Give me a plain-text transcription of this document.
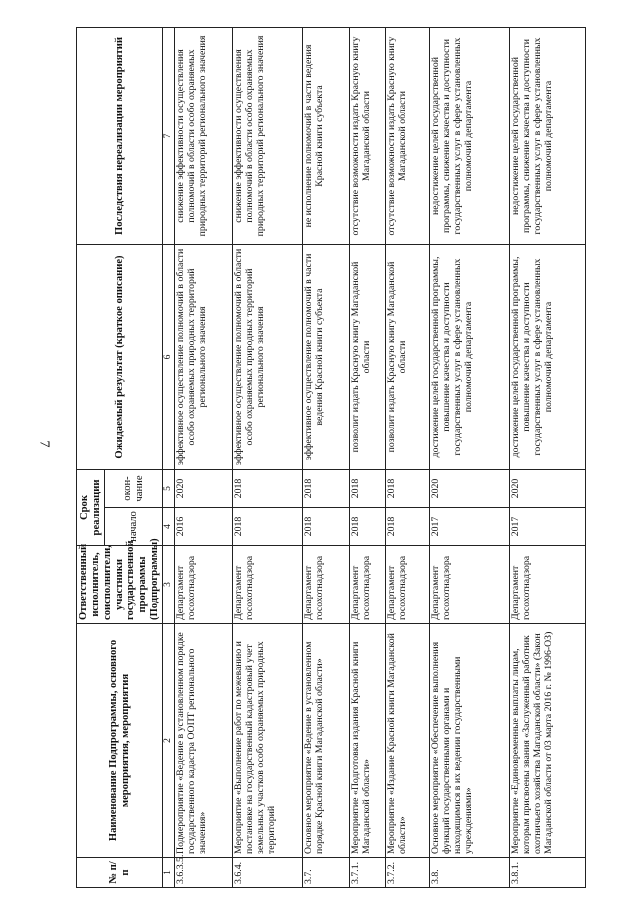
7
№ п/п	Наименование Подпрограммы, основного мероприятия, мероприятия	Ответственный исполнитель, соисполнители, участники государственной программы (Подпрограммы)	Срок реализации		Ожидаемый результат (краткое описание)	Последствия нереализации мероприятий
			начало	окон-чание		
1	2	3	4	5	6	7
3.6.3.5.	Подмероприятие «Ведение в установленном порядке государственного кадастра ООПТ регионального значения»	Департамент госохотнадзора	2016	2020	эффективное осуществление полномочий в области особо охраняемых природных территорий регионального значения	снижение эффективности осуществления полномочий в области особо охраняемых природных территорий регионального значения
3.6.4.	Мероприятие «Выполнение работ по межеванию и постановке на государственный кадастровый учет земельных участков особо охраняемых природных территорий	Департамент госохотнадзора	2018	2018	эффективное осуществление полномочий в области особо охраняемых природных территорий регионального значения	снижение эффективности осуществления полномочий в области особо охраняемых природных территорий регионального значения
3.7.	Основное мероприятие «Ведение в установленном порядке Красной книги Магаданской области»	Департамент госохотнадзора	2018	2018	эффективное осуществление полномочий в части ведения Красной книги субъекта	не исполнение полномочий в части ведения Красной книги субъекта
3.7.1.	Мероприятие «Подготовка издания Красной книги Магаданской области»	Департамент госохотнадзора	2018	2018	позволит издать Красную книгу Магаданской области	отсутствие возможности издать Красную книгу Магаданской области
3.7.2.	Мероприятие «Издание Красной книги Магаданской области»	Департамент госохотнадзора	2018	2018	позволит издать Красную книгу Магаданской области	отсутствие возможности издать Красную книгу Магаданской области
3.8.	Основное мероприятие «Обеспечение выполнения функций государственными органами и находящимися в их ведении государственными учреждениями»	Департамент госохотнадзора	2017	2020	достижение целей государственной программы, повышение качества и доступности государственных услуг в сфере установленных полномочий департамента	недостижение целей государственной программы, снижение качества и доступности государственных услуг в сфере установленных полномочий департамента
3.8.1.	Мероприятие «Единовременные выплаты лицам, которым присвоены звания «Заслуженный работник охотничьего хозяйства Магаданской области» (Закон Магаданской области от 03 марта 2016 г. № 1996-ОЗ)	Департамент госохотнадзора	2017	2020	достижение целей государственной программы, повышение качества и доступности государственных услуг в сфере установленных полномочий департамента	недостижение целей государственной программы, снижение качества и доступности государственных услуг в сфере установленных полномочий департамента
